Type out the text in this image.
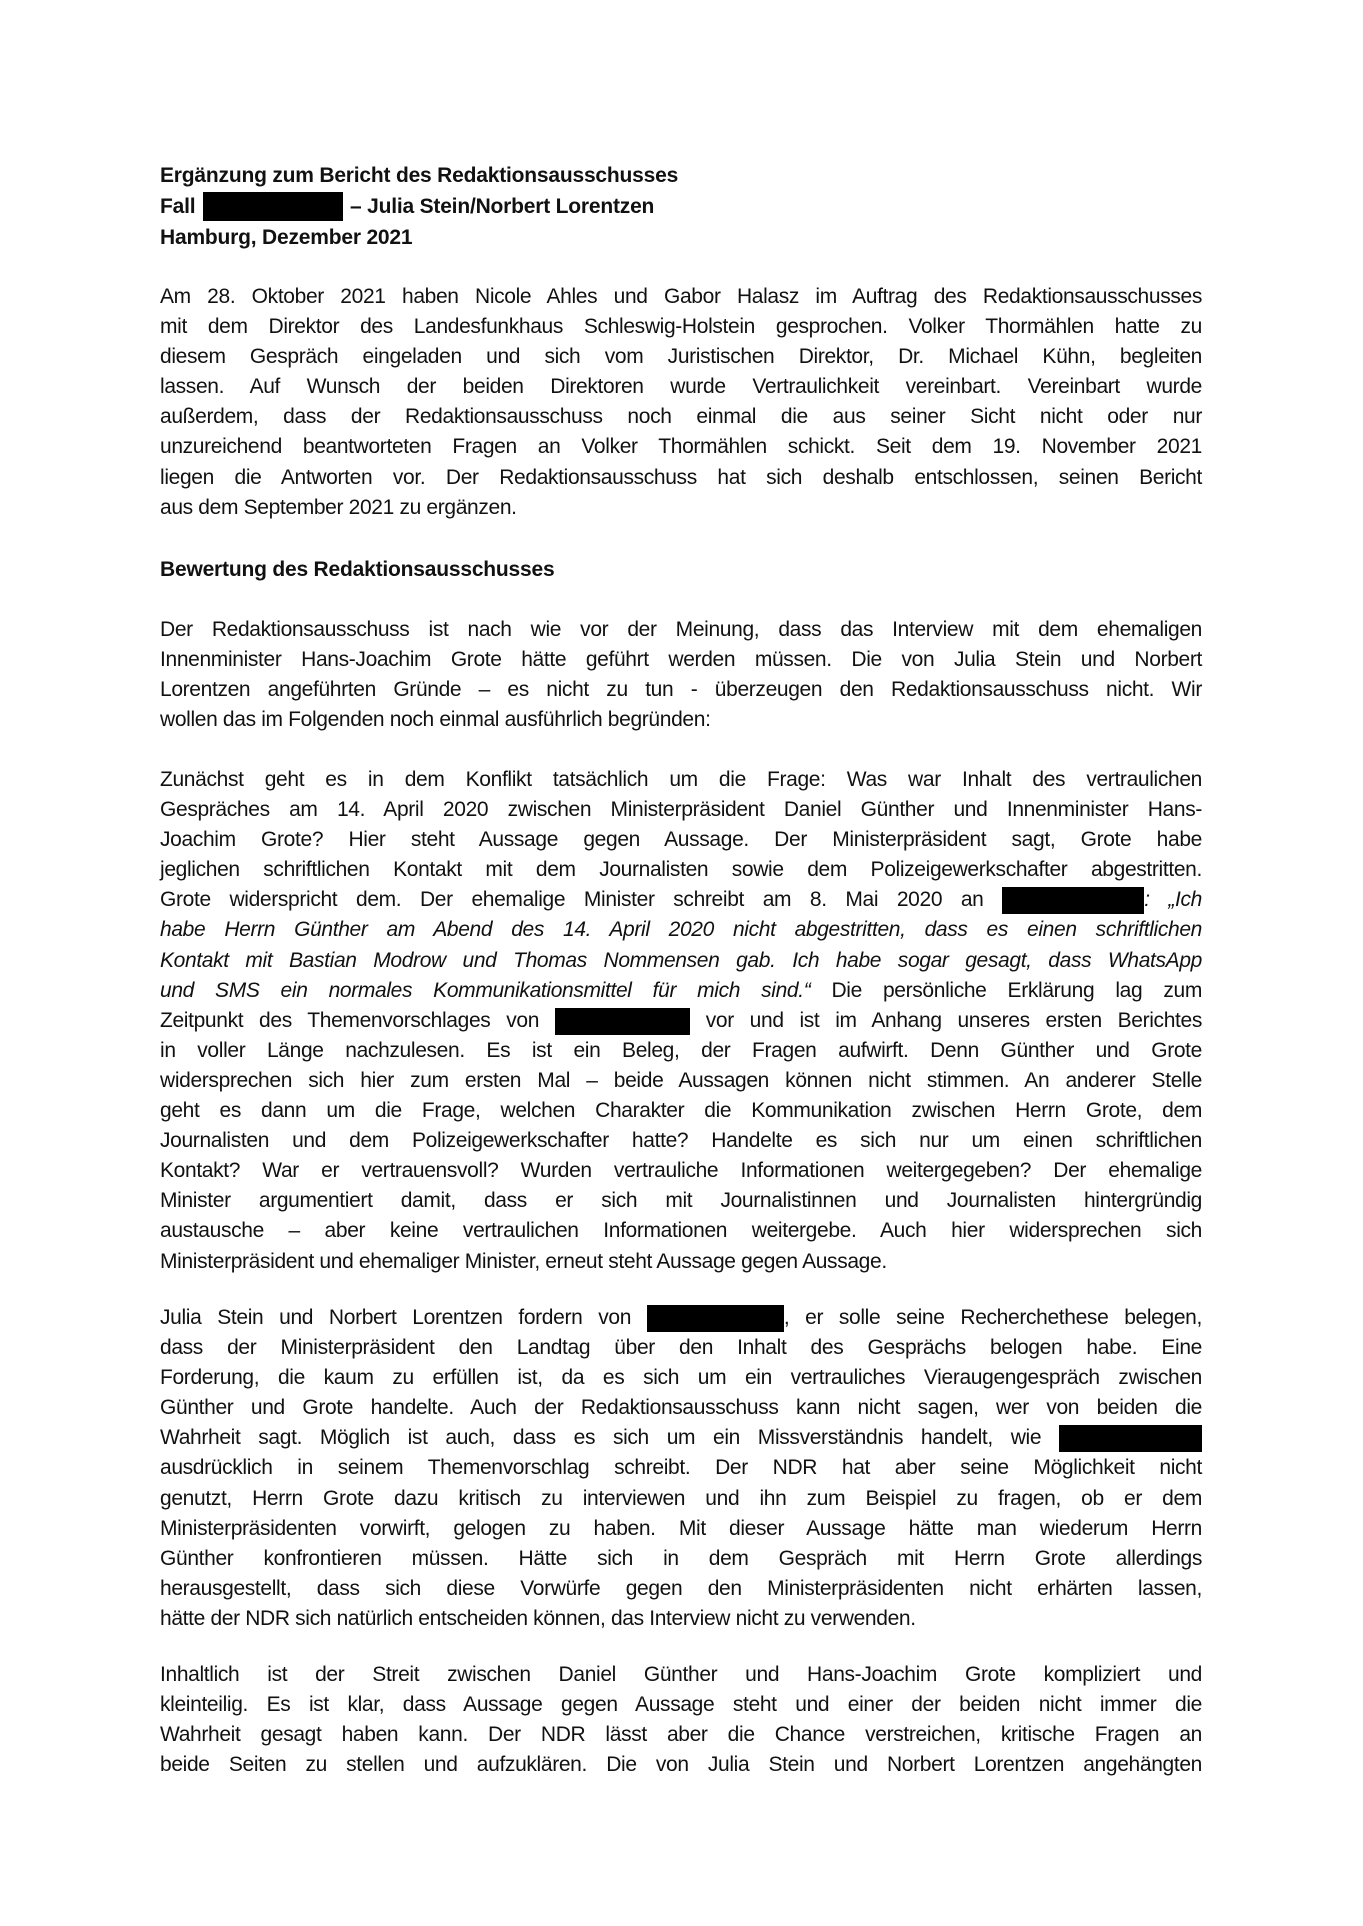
Ergänzung zum Bericht des Redaktionsausschusses
Fall	– Julia Stein/Norbert Lorentzen
Hamburg, Dezember 2021
Am 28. Oktober 2021 haben Nicole Ahles und Gabor Halasz im Auftrag des Redaktionsausschusses
mit dem Direktor des Landesfunkhaus Schleswig-Holstein gesprochen. Volker Thormählen hatte zu
diesem Gespräch eingeladen und sich vom Juristischen Direktor, Dr. Michael Kühn, begleiten
lassen. Auf Wunsch der beiden Direktoren wurde Vertraulichkeit vereinbart. Vereinbart wurde
außerdem, dass der Redaktionsausschuss noch einmal die aus seiner Sicht nicht oder nur
unzureichend beantworteten Fragen an Volker Thormählen schickt. Seit dem 19. November 2021
liegen die Antworten vor. Der Redaktionsausschuss hat sich deshalb entschlossen, seinen Bericht
aus dem September 2021 zu ergänzen.
Bewertung des Redaktionsausschusses
Der Redaktionsausschuss ist nach wie vor der Meinung, dass das Interview mit dem ehemaligen
Innenminister Hans-Joachim Grote hätte geführt werden müssen. Die von Julia Stein und Norbert
Lorentzen angeführten Gründe – es nicht zu tun - überzeugen den Redaktionsausschuss nicht. Wir
wollen das im Folgenden noch einmal ausführlich begründen:
Zunächst geht es in dem Konflikt tatsächlich um die Frage: Was war Inhalt des vertraulichen
Gespräches am 14. April 2020 zwischen Ministerpräsident Daniel Günther und Innenminister Hans-
Joachim Grote? Hier steht Aussage gegen Aussage. Der Ministerpräsident sagt, Grote habe
jeglichen schriftlichen Kontakt mit dem Journalisten sowie dem Polizeigewerkschafter abgestritten.
Grote widerspricht dem. Der ehemalige Minister schreibt am 8. Mai 2020 an	: „Ich
habe Herrn Günther am Abend des 14. April 2020 nicht abgestritten, dass es einen schriftlichen
Kontakt mit Bastian Modrow und Thomas Nommensen gab. Ich habe sogar gesagt, dass WhatsApp
und SMS ein normales Kommunikationsmittel für mich sind.“ Die persönliche Erklärung lag zum
Zeitpunkt des Themenvorschlages von	vor und ist im Anhang unseres ersten Berichtes
in voller Länge nachzulesen. Es ist ein Beleg, der Fragen aufwirft. Denn Günther und Grote
widersprechen sich hier zum ersten Mal – beide Aussagen können nicht stimmen. An anderer Stelle
geht es dann um die Frage, welchen Charakter die Kommunikation zwischen Herrn Grote, dem
Journalisten und dem Polizeigewerkschafter hatte? Handelte es sich nur um einen schriftlichen
Kontakt? War er vertrauensvoll? Wurden vertrauliche Informationen weitergegeben? Der ehemalige
Minister argumentiert damit, dass er sich mit Journalistinnen und Journalisten hintergründig
austausche – aber keine vertraulichen Informationen weitergebe. Auch hier widersprechen sich
Ministerpräsident und ehemaliger Minister, erneut steht Aussage gegen Aussage.
Julia Stein und Norbert Lorentzen fordern von	, er solle seine Recherchethese belegen,
dass der Ministerpräsident den Landtag über den Inhalt des Gesprächs belogen habe. Eine
Forderung, die kaum zu erfüllen ist, da es sich um ein vertrauliches Vieraugengespräch zwischen
Günther und Grote handelte. Auch der Redaktionsausschuss kann nicht sagen, wer von beiden die
Wahrheit sagt. Möglich ist auch, dass es sich um ein Missverständnis handelt, wie
ausdrücklich in seinem Themenvorschlag schreibt. Der NDR hat aber seine Möglichkeit nicht
genutzt, Herrn Grote dazu kritisch zu interviewen und ihn zum Beispiel zu fragen, ob er dem
Ministerpräsidenten vorwirft, gelogen zu haben. Mit dieser Aussage hätte man wiederum Herrn
Günther konfrontieren müssen. Hätte sich in dem Gespräch mit Herrn Grote allerdings
herausgestellt, dass sich diese Vorwürfe gegen den Ministerpräsidenten nicht erhärten lassen,
hätte der NDR sich natürlich entscheiden können, das Interview nicht zu verwenden.
Inhaltlich ist der Streit zwischen Daniel Günther und Hans-Joachim Grote kompliziert und
kleinteilig. Es ist klar, dass Aussage gegen Aussage steht und einer der beiden nicht immer die
Wahrheit gesagt haben kann. Der NDR lässt aber die Chance verstreichen, kritische Fragen an
beide Seiten zu stellen und aufzuklären. Die von Julia Stein und Norbert Lorentzen angehängten
